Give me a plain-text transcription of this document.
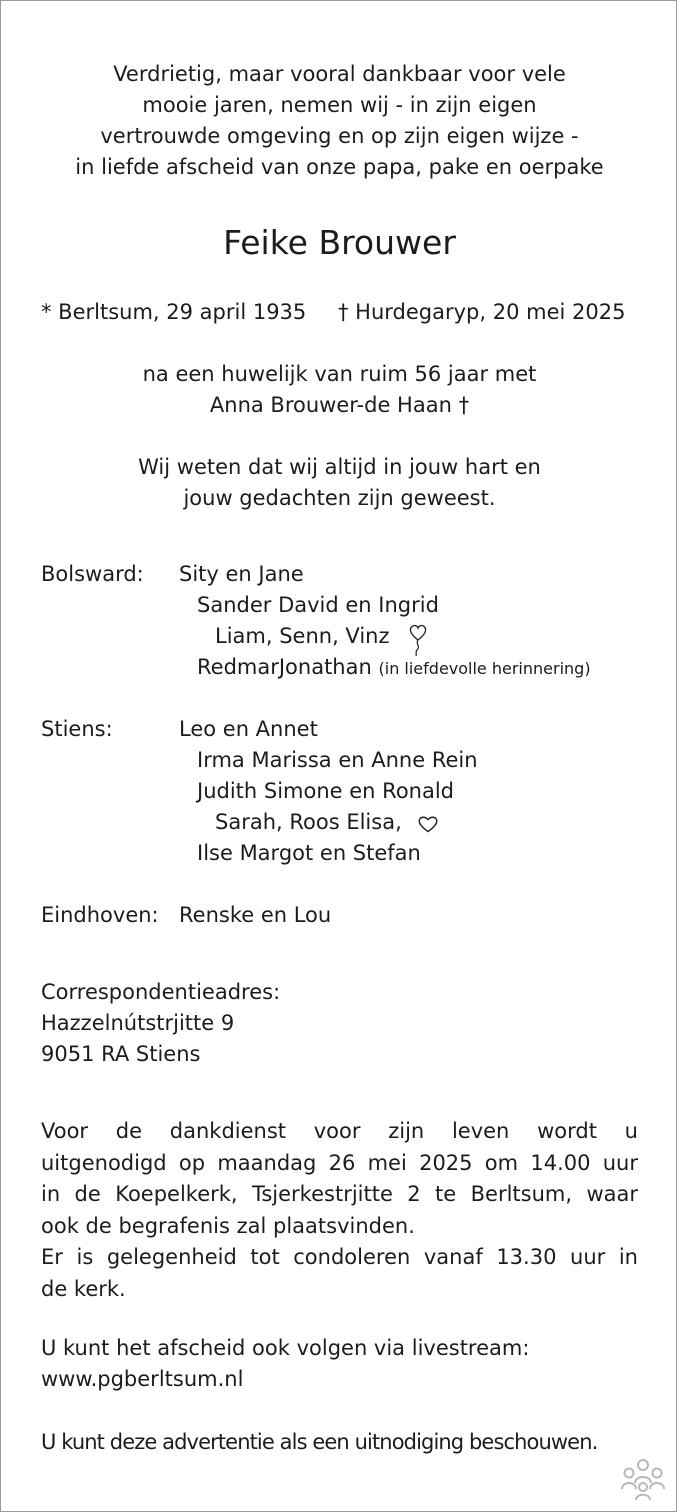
Verdrietig, maar vooral dankbaar voor vele
mooie jaren, nemen wij - in zijn eigen
vertrouwde omgeving en op zijn eigen wijze -
in liefde afscheid van onze papa, pake en oerpake
Feike Brouwer
* Berltsum, 29 april 1935 † Hurdegaryp, 20 mei 2025
na een huwelijk van ruim 56 jaar met
Anna Brouwer-de Haan †
Wij weten dat wij altijd in jouw hart en
jouw gedachten zijn geweest.
Bolsward: Sity en Jane
Sander David en Ingrid
Liam, Senn, Vinz
RedmarJonathan (in liefdevolle herinnering)
Stiens:	Leo en Annet
Irma Marissa en Anne Rein
Judith Simone en Ronald
Sarah, Roos Elisa,
Ilse Margot en Stefan
Eindhoven: Renske en Lou
Correspondentieadres:
Hazzelnútstrjitte 9
9051 RA Stiens
Voor de dankdienst voor zijn leven wordt u
uitgenodigd op maandag 26 mei 2025 om 14.00 uur
in de Koepelkerk, Tsjerkestrjitte 2 te Berltsum, waar
ook de begrafenis zal plaatsvinden.
Er is gelegenheid tot condoleren vanaf 13.30 uur in
de kerk.
U kunt het afscheid ook volgen via livestream:
www.pgberltsum.nl
U kunt deze advertentie als een uitnodiging beschouwen.
